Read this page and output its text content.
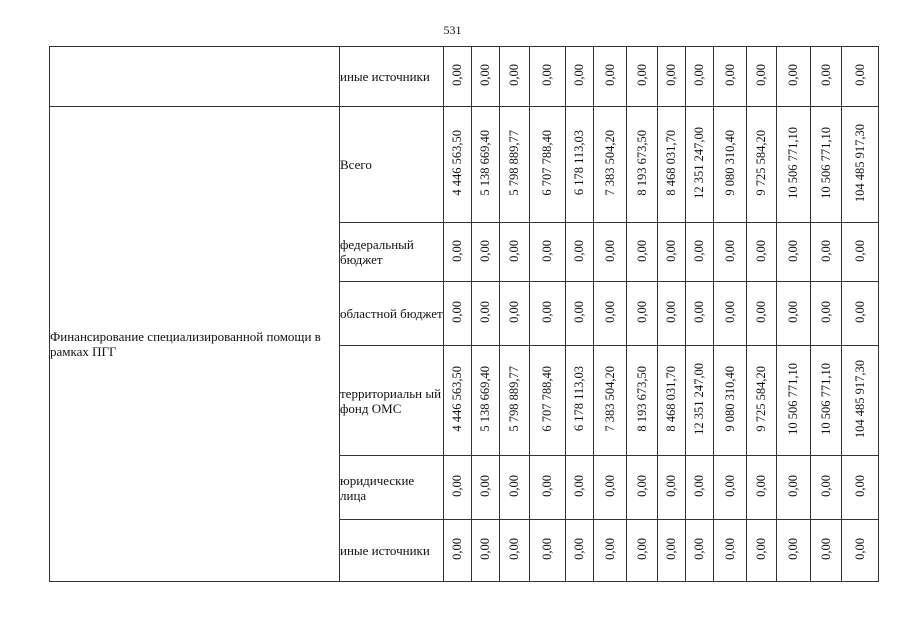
531
	иные источники	0,00	0,00	0,00	0,00	0,00	0,00	0,00	0,00	0,00	0,00	0,00	0,00	0,00	0,00
Финансирование специализированной помощи в рамках ПГГ	Всего	4 446 563,50	5 138 669,40	5 798 889,77	6 707 788,40	6 178 113,03	7 383 504,20	8 193 673,50	8 468 031,70	12 351 247,00	9 080 310,40	9 725 584,20	10 506 771,10	10 506 771,10	104 485 917,30
	федеральный бюджет	0,00	0,00	0,00	0,00	0,00	0,00	0,00	0,00	0,00	0,00	0,00	0,00	0,00	0,00
	областной бюджет	0,00	0,00	0,00	0,00	0,00	0,00	0,00	0,00	0,00	0,00	0,00	0,00	0,00	0,00
	территориальн ый фонд ОМС	4 446 563,50	5 138 669,40	5 798 889,77	6 707 788,40	6 178 113,03	7 383 504,20	8 193 673,50	8 468 031,70	12 351 247,00	9 080 310,40	9 725 584,20	10 506 771,10	10 506 771,10	104 485 917,30
	юридические лица	0,00	0,00	0,00	0,00	0,00	0,00	0,00	0,00	0,00	0,00	0,00	0,00	0,00	0,00
	иные источники	0,00	0,00	0,00	0,00	0,00	0,00	0,00	0,00	0,00	0,00	0,00	0,00	0,00	0,00
